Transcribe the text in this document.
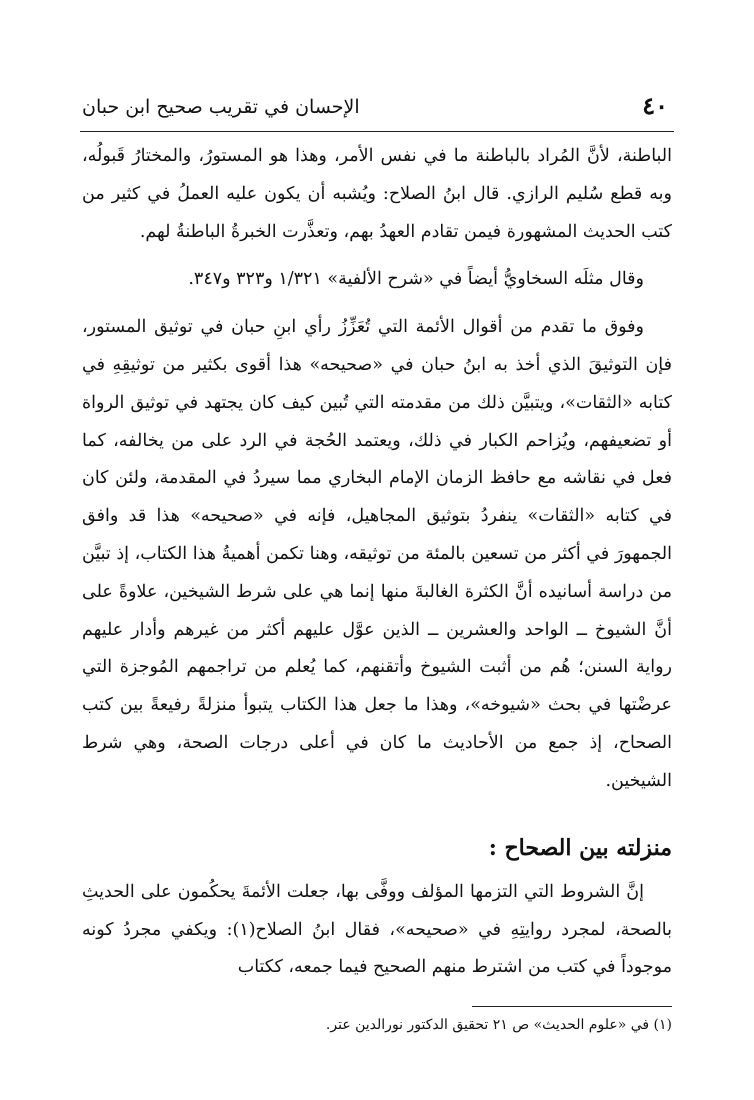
٤٠
الإحسان في تقريب صحيح ابن حبان

الباطنة، لأنَّ المُراد بالباطنة ما في نفس الأمر، وهذا هو المستورُ، والمختارُ قَبولُه، وبه قطع سُليم الرازي. قال ابنُ الصلاح: ويُشبه أن يكون عليه العملُ في كثير من كتب الحديث المشهورة فيمن تقادم العهدُ بهم، وتعذَّرت الخبرةُ الباطنةُ لهم.

وقال مثلَه السخاويُّ أيضاً في «شرح الألفية» ١/٣٢١ و٣٢٣ و٣٤٧.

وفوق ما تقدم من أقوال الأئمة التي تُعَزِّزُ رأي ابنِ حبان في توثيق المستور، فإن التوثيقَ الذي أخذ به ابنُ حبان في «صحيحه» هذا أقوى بكثير من توثيقِهِ في كتابه «الثقات»، ويتبيَّن ذلك من مقدمته التي تُبين كيف كان يجتهد في توثيق الرواة أو تضعيفهم، ويُزاحم الكبار في ذلك، ويعتمد الحُجة في الرد على من يخالفه، كما فعل في نقاشه مع حافظ الزمان الإمام البخاري مما سيردُ في المقدمة، ولئن كان في كتابه «الثقات» ينفردُ بتوثيق المجاهيل، فإنه في «صحيحه» هذا قد وافق الجمهورَ في أكثر من تسعين بالمئة من توثيقه، وهنا تكمن أهميةُ هذا الكتاب، إذ تبيَّن من دراسة أسانيده أنَّ الكثرة الغالبةَ منها إنما هي على شرط الشيخين، علاوةً على أنَّ الشيوخ ــ الواحد والعشرين ــ الذين عوَّل عليهم أكثر من غيرهم وأدار عليهم رواية السنن؛ هُم من أثبت الشيوخ وأتقنهم، كما يُعلم من تراجمهم المُوجزة التي عرضْتها في بحث «شيوخه»، وهذا ما جعل هذا الكتاب يتبوأ منزلةً رفيعةً بين كتب الصحاح، إذ جمع من الأحاديث ما كان في أعلى درجات الصحة، وهي شرط الشيخين.

منزلته بين الصحاح :

إنَّ الشروط التي التزمها المؤلف ووفَّى بها، جعلت الأئمةَ يحكُمون على الحديثِ بالصحة، لمجرد روايتِهِ في «صحيحه»، فقال ابنُ الصلاح(١): ويكفي مجردُ كونه موجوداً في كتب من اشترط منهم الصحيح فيما جمعه، ككتاب

(١) في «علوم الحديث» ص ٢١ تحقيق الدكتور نورالدين عتر.
